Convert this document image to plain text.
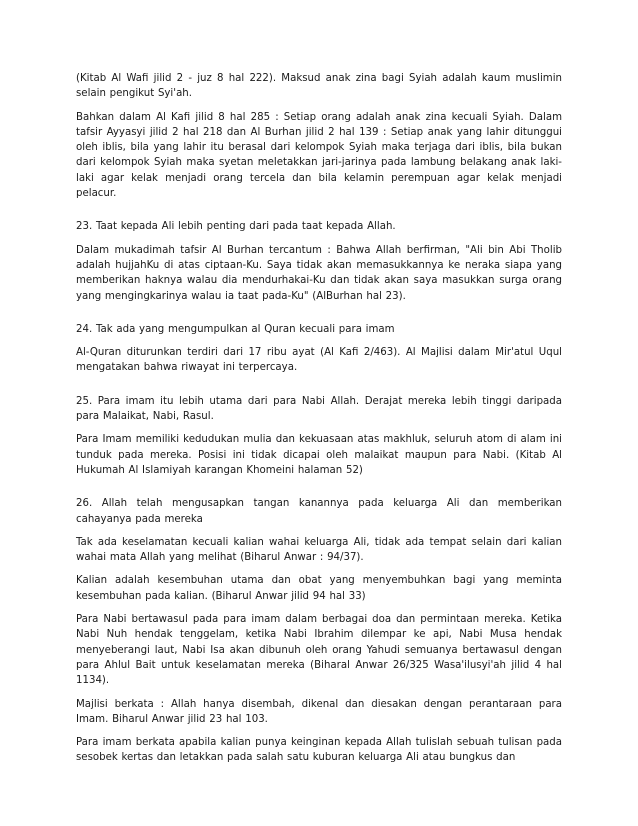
(Kitab Al Wafi jilid 2 - juz 8 hal 222). Maksud anak zina bagi Syiah adalah kaum muslimin selain pengikut Syi'ah.

Bahkan dalam Al Kafi jilid 8 hal 285 : Setiap orang adalah anak zina kecuali Syiah. Dalam tafsir Ayyasyi jilid 2 hal 218 dan Al Burhan jilid 2 hal 139 : Setiap anak yang lahir ditunggui oleh iblis, bila yang lahir itu berasal dari kelompok Syiah maka terjaga dari iblis, bila bukan dari kelompok Syiah maka syetan meletakkan jari-jarinya pada lambung belakang anak laki-laki agar kelak menjadi orang tercela dan bila kelamin perempuan agar kelak menjadi pelacur.

23. Taat kepada Ali lebih penting dari pada taat kepada Allah.

Dalam mukadimah tafsir Al Burhan tercantum : Bahwa Allah berfirman, "Ali bin Abi Tholib adalah hujjahKu di atas ciptaan-Ku. Saya tidak akan memasukkannya ke neraka siapa yang memberikan haknya walau dia mendurhakai-Ku dan tidak akan saya masukkan surga orang yang mengingkarinya walau ia taat pada-Ku" (AlBurhan hal 23).

24. Tak ada yang mengumpulkan al Quran kecuali para imam

Al-Quran diturunkan terdiri dari 17 ribu ayat (Al Kafi 2/463). Al Majlisi dalam Mir'atul Uqul mengatakan bahwa riwayat ini terpercaya.

25. Para imam itu lebih utama dari para Nabi Allah. Derajat mereka lebih tinggi daripada para Malaikat, Nabi, Rasul.

Para Imam memiliki kedudukan mulia dan kekuasaan atas makhluk, seluruh atom di alam ini tunduk pada mereka. Posisi ini tidak dicapai oleh malaikat maupun para Nabi. (Kitab Al Hukumah Al Islamiyah karangan Khomeini halaman 52)

26. Allah telah mengusapkan tangan kanannya pada keluarga Ali dan memberikan cahayanya pada mereka

Tak ada keselamatan kecuali kalian wahai keluarga Ali, tidak ada tempat selain dari kalian wahai mata Allah yang melihat (Biharul Anwar : 94/37).

Kalian adalah kesembuhan utama dan obat yang menyembuhkan bagi yang meminta kesembuhan pada kalian. (Biharul Anwar jilid 94 hal 33)

Para Nabi bertawasul pada para imam dalam berbagai doa dan permintaan mereka. Ketika Nabi Nuh hendak tenggelam, ketika Nabi Ibrahim dilempar ke api, Nabi Musa hendak menyeberangi laut, Nabi Isa akan dibunuh oleh orang Yahudi semuanya bertawasul dengan para Ahlul Bait untuk keselamatan mereka (Biharal Anwar 26/325 Wasa'ilusyi'ah jilid 4 hal 1134).

Majlisi berkata : Allah hanya disembah, dikenal dan diesakan dengan perantaraan para Imam. Biharul Anwar jilid 23 hal 103.

Para imam berkata apabila kalian punya keinginan kepada Allah tulislah sebuah tulisan pada sesobek kertas dan letakkan pada salah satu kuburan keluarga Ali atau bungkus dan
